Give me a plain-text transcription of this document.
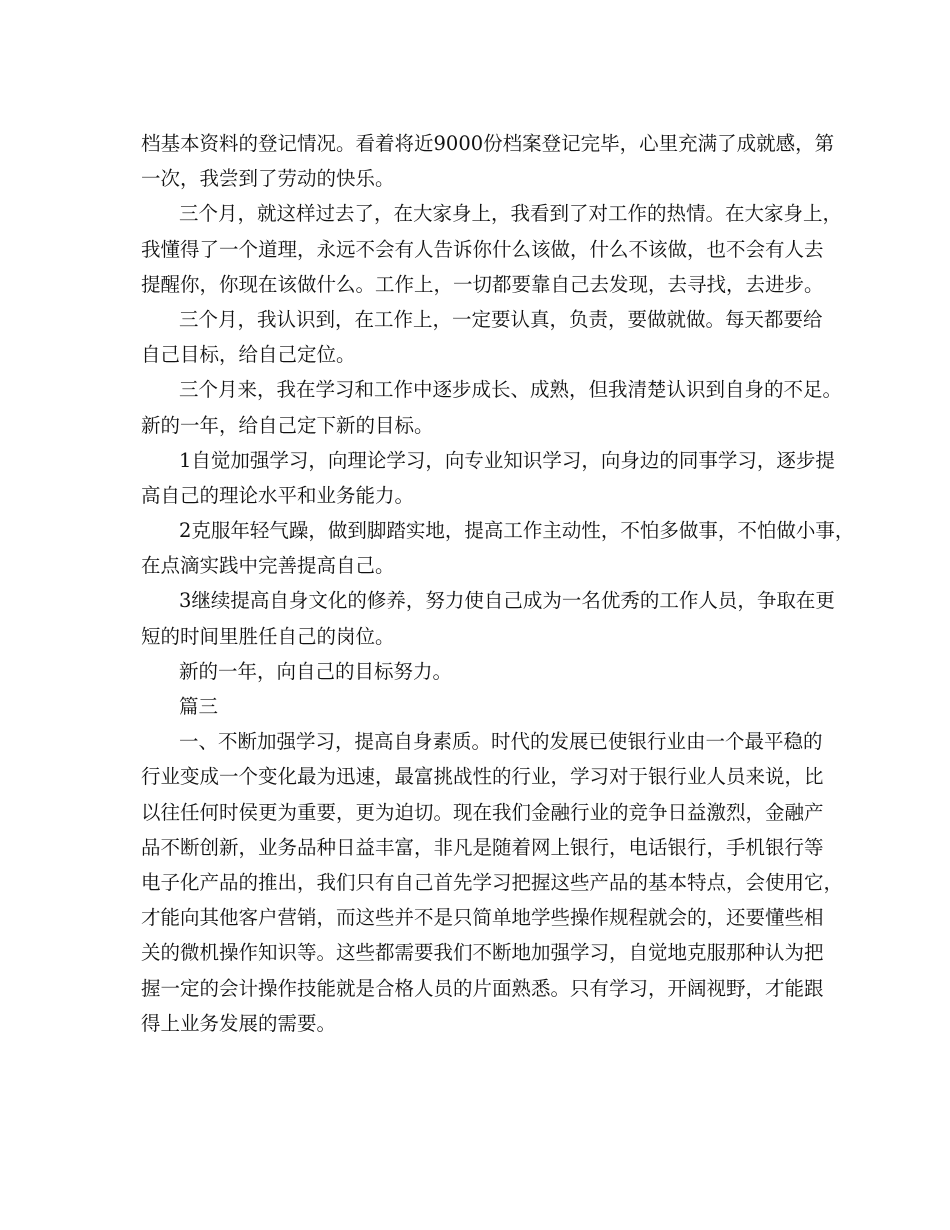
档基本资料的登记情况。看着将近9000份档案登记完毕，心里充满了成就感，第
一次，我尝到了劳动的快乐。
三个月，就这样过去了，在大家身上，我看到了对工作的热情。在大家身上，
我懂得了一个道理，永远不会有人告诉你什么该做，什么不该做，也不会有人去
提醒你，你现在该做什么。工作上，一切都要靠自己去发现，去寻找，去进步。
三个月，我认识到，在工作上，一定要认真，负责，要做就做。每天都要给
自己目标，给自己定位。
三个月来，我在学习和工作中逐步成长、成熟，但我清楚认识到自身的不足。
新的一年，给自己定下新的目标。
1自觉加强学习，向理论学习，向专业知识学习，向身边的同事学习，逐步提
高自己的理论水平和业务能力。
2克服年轻气躁，做到脚踏实地，提高工作主动性，不怕多做事，不怕做小事，
在点滴实践中完善提高自己。
3继续提高自身文化的修养，努力使自己成为一名优秀的工作人员，争取在更
短的时间里胜任自己的岗位。
新的一年，向自己的目标努力。
篇三
一、不断加强学习，提高自身素质。时代的发展已使银行业由一个最平稳的
行业变成一个变化最为迅速，最富挑战性的行业，学习对于银行业人员来说，比
以往任何时侯更为重要，更为迫切。现在我们金融行业的竞争日益激烈，金融产
品不断创新，业务品种日益丰富，非凡是随着网上银行，电话银行，手机银行等
电子化产品的推出，我们只有自己首先学习把握这些产品的基本特点，会使用它，
才能向其他客户营销，而这些并不是只简单地学些操作规程就会的，还要懂些相
关的微机操作知识等。这些都需要我们不断地加强学习，自觉地克服那种认为把
握一定的会计操作技能就是合格人员的片面熟悉。只有学习，开阔视野，才能跟
得上业务发展的需要。
